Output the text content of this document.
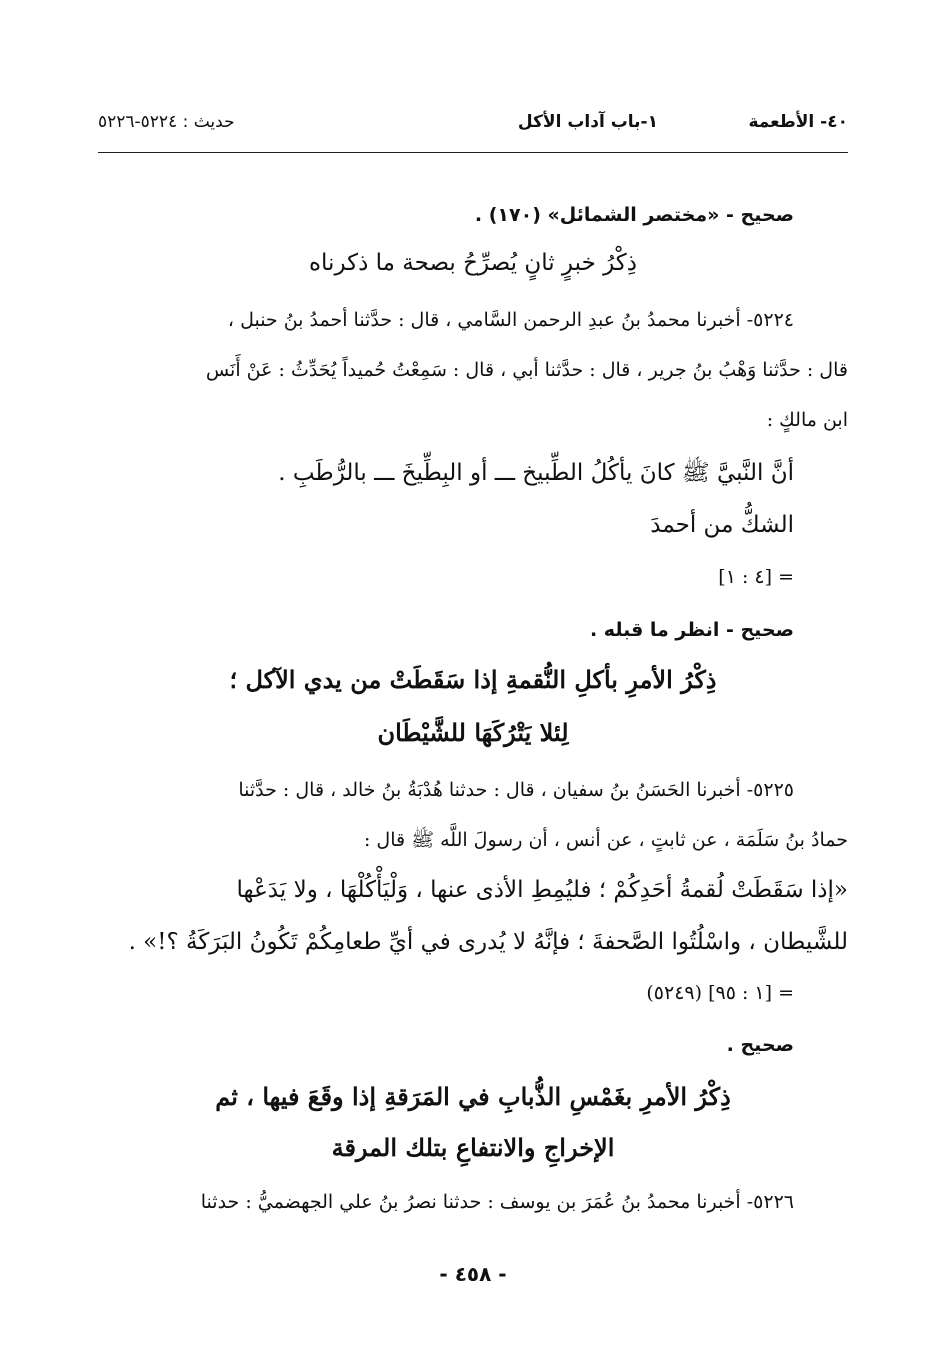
٤٠- الأطعمة
١-باب آداب الأكل
حديث : ٥٢٢٤-٥٢٢٦
صحيح - «مختصر الشمائل» (١٧٠) .
ذِكْرُ خبرٍ ثانٍ يُصرِّحُ بصحة ما ذكرناه
٥٢٢٤- أخبرنا محمدُ بنُ عبدِ الرحمن السَّامي ، قال : حدَّثنا أحمدُ بنُ حنبل ،
قال : حدَّثنا وَهْبُ بنُ جرير ، قال : حدَّثنا أبي ، قال : سَمِعْتُ حُميداً يُحَدِّثُ : عَنْ أَنَس
ابن مالكٍ :
أنَّ النَّبيَّ ﷺ كانَ يأكُلُ الطِّبيخ ـــ أو البِطِّيخَ ـــ بالرُّطَبِ .
الشكُّ من أحمدَ
= [٤ : ١]
صحيح - انظر ما قبله .
ذِكْرُ الأمرِ بأكلِ النُّقمةِ إذا سَقَطَتْ من يدي الآكل ؛
لِئلا يَتْرُكَهَا للشَّيْطَان
٥٢٢٥- أخبرنا الحَسَنُ بنُ سفيان ، قال : حدثنا هُدْبَةُ بنُ خالد ، قال : حدَّثنا
حمادُ بنُ سَلَمَة ، عن ثابتٍ ، عن أنس ، أن رسولَ اللَّه ﷺ قال :
«إذا سَقَطَتْ لُقمةُ أحَدِكُمْ ؛ فليُمِطِ الأذى عنها ، وَلْيَأْكُلْهَا ، ولا يَدَعْها
للشَّيطان ، واسْلُتُوا الصَّحفةَ ؛ فإنَّهُ لا يُدرى في أيِّ طعامِكُمْ تَكُونُ البَرَكَةُ ؟!» .
= [١ : ٩٥] (٥٢٤٩)
صحيح .
ذِكْرُ الأمرِ بغَمْسِ الذُّبابِ في المَرَقةِ إذا وقَعَ فيها ، ثم
الإخراجِ والانتفاعِ بتلك المرقة
٥٢٢٦- أخبرنا محمدُ بنُ عُمَرَ بن يوسف : حدثنا نصرُ بنُ علي الجهضميُّ : حدثنا
- ٤٥٨ -
